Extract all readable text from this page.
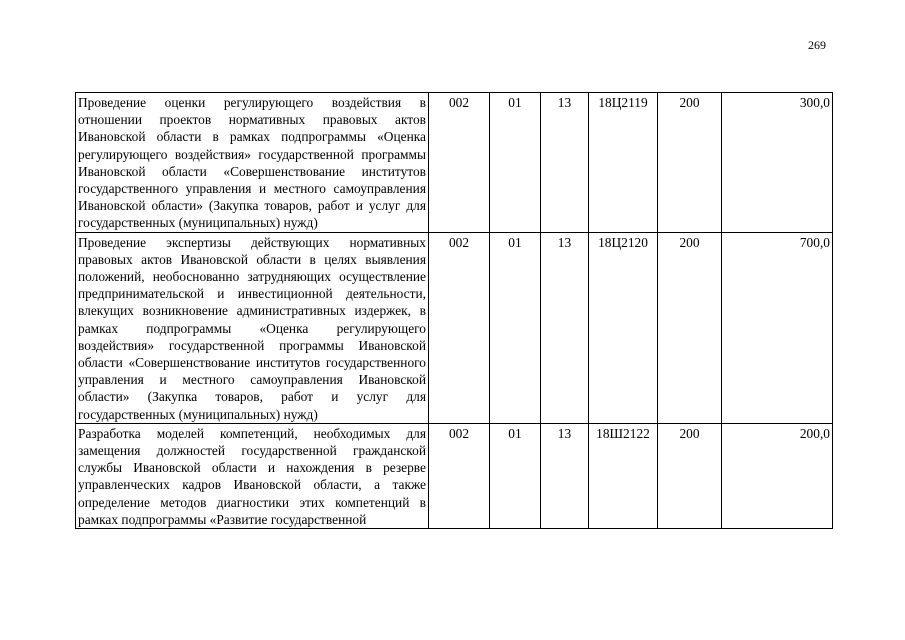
269
Проведение оценки регулирующего воздействия в отношении проектов нормативных правовых актов Ивановской области в рамках подпрограммы «Оценка регулирующего воздействия» государственной программы Ивановской области «Совершенствование институтов государственного управления и местного самоуправления Ивановской области» (Закупка товаров, работ и услуг для государственных (муниципальных) нужд)	002	01	13	18Ц2119	200	300,0
Проведение экспертизы действующих нормативных правовых актов Ивановской области в целях выявления положений, необоснованно затрудняющих осуществление предпринимательской и инвестиционной деятельности, влекущих возникновение административных издержек, в рамках подпрограммы «Оценка регулирующего воздействия» государственной программы Ивановской области «Совершенствование институтов государственного управления и местного самоуправления Ивановской области» (Закупка товаров, работ и услуг для государственных (муниципальных) нужд)	002	01	13	18Ц2120	200	700,0
Разработка моделей компетенций, необходимых для замещения должностей государственной гражданской службы Ивановской области и нахождения в резерве управленческих кадров Ивановской области, а также определение методов диагностики этих компетенций в рамках подпрограммы «Развитие государственной	002	01	13	18Ш2122	200	200,0
